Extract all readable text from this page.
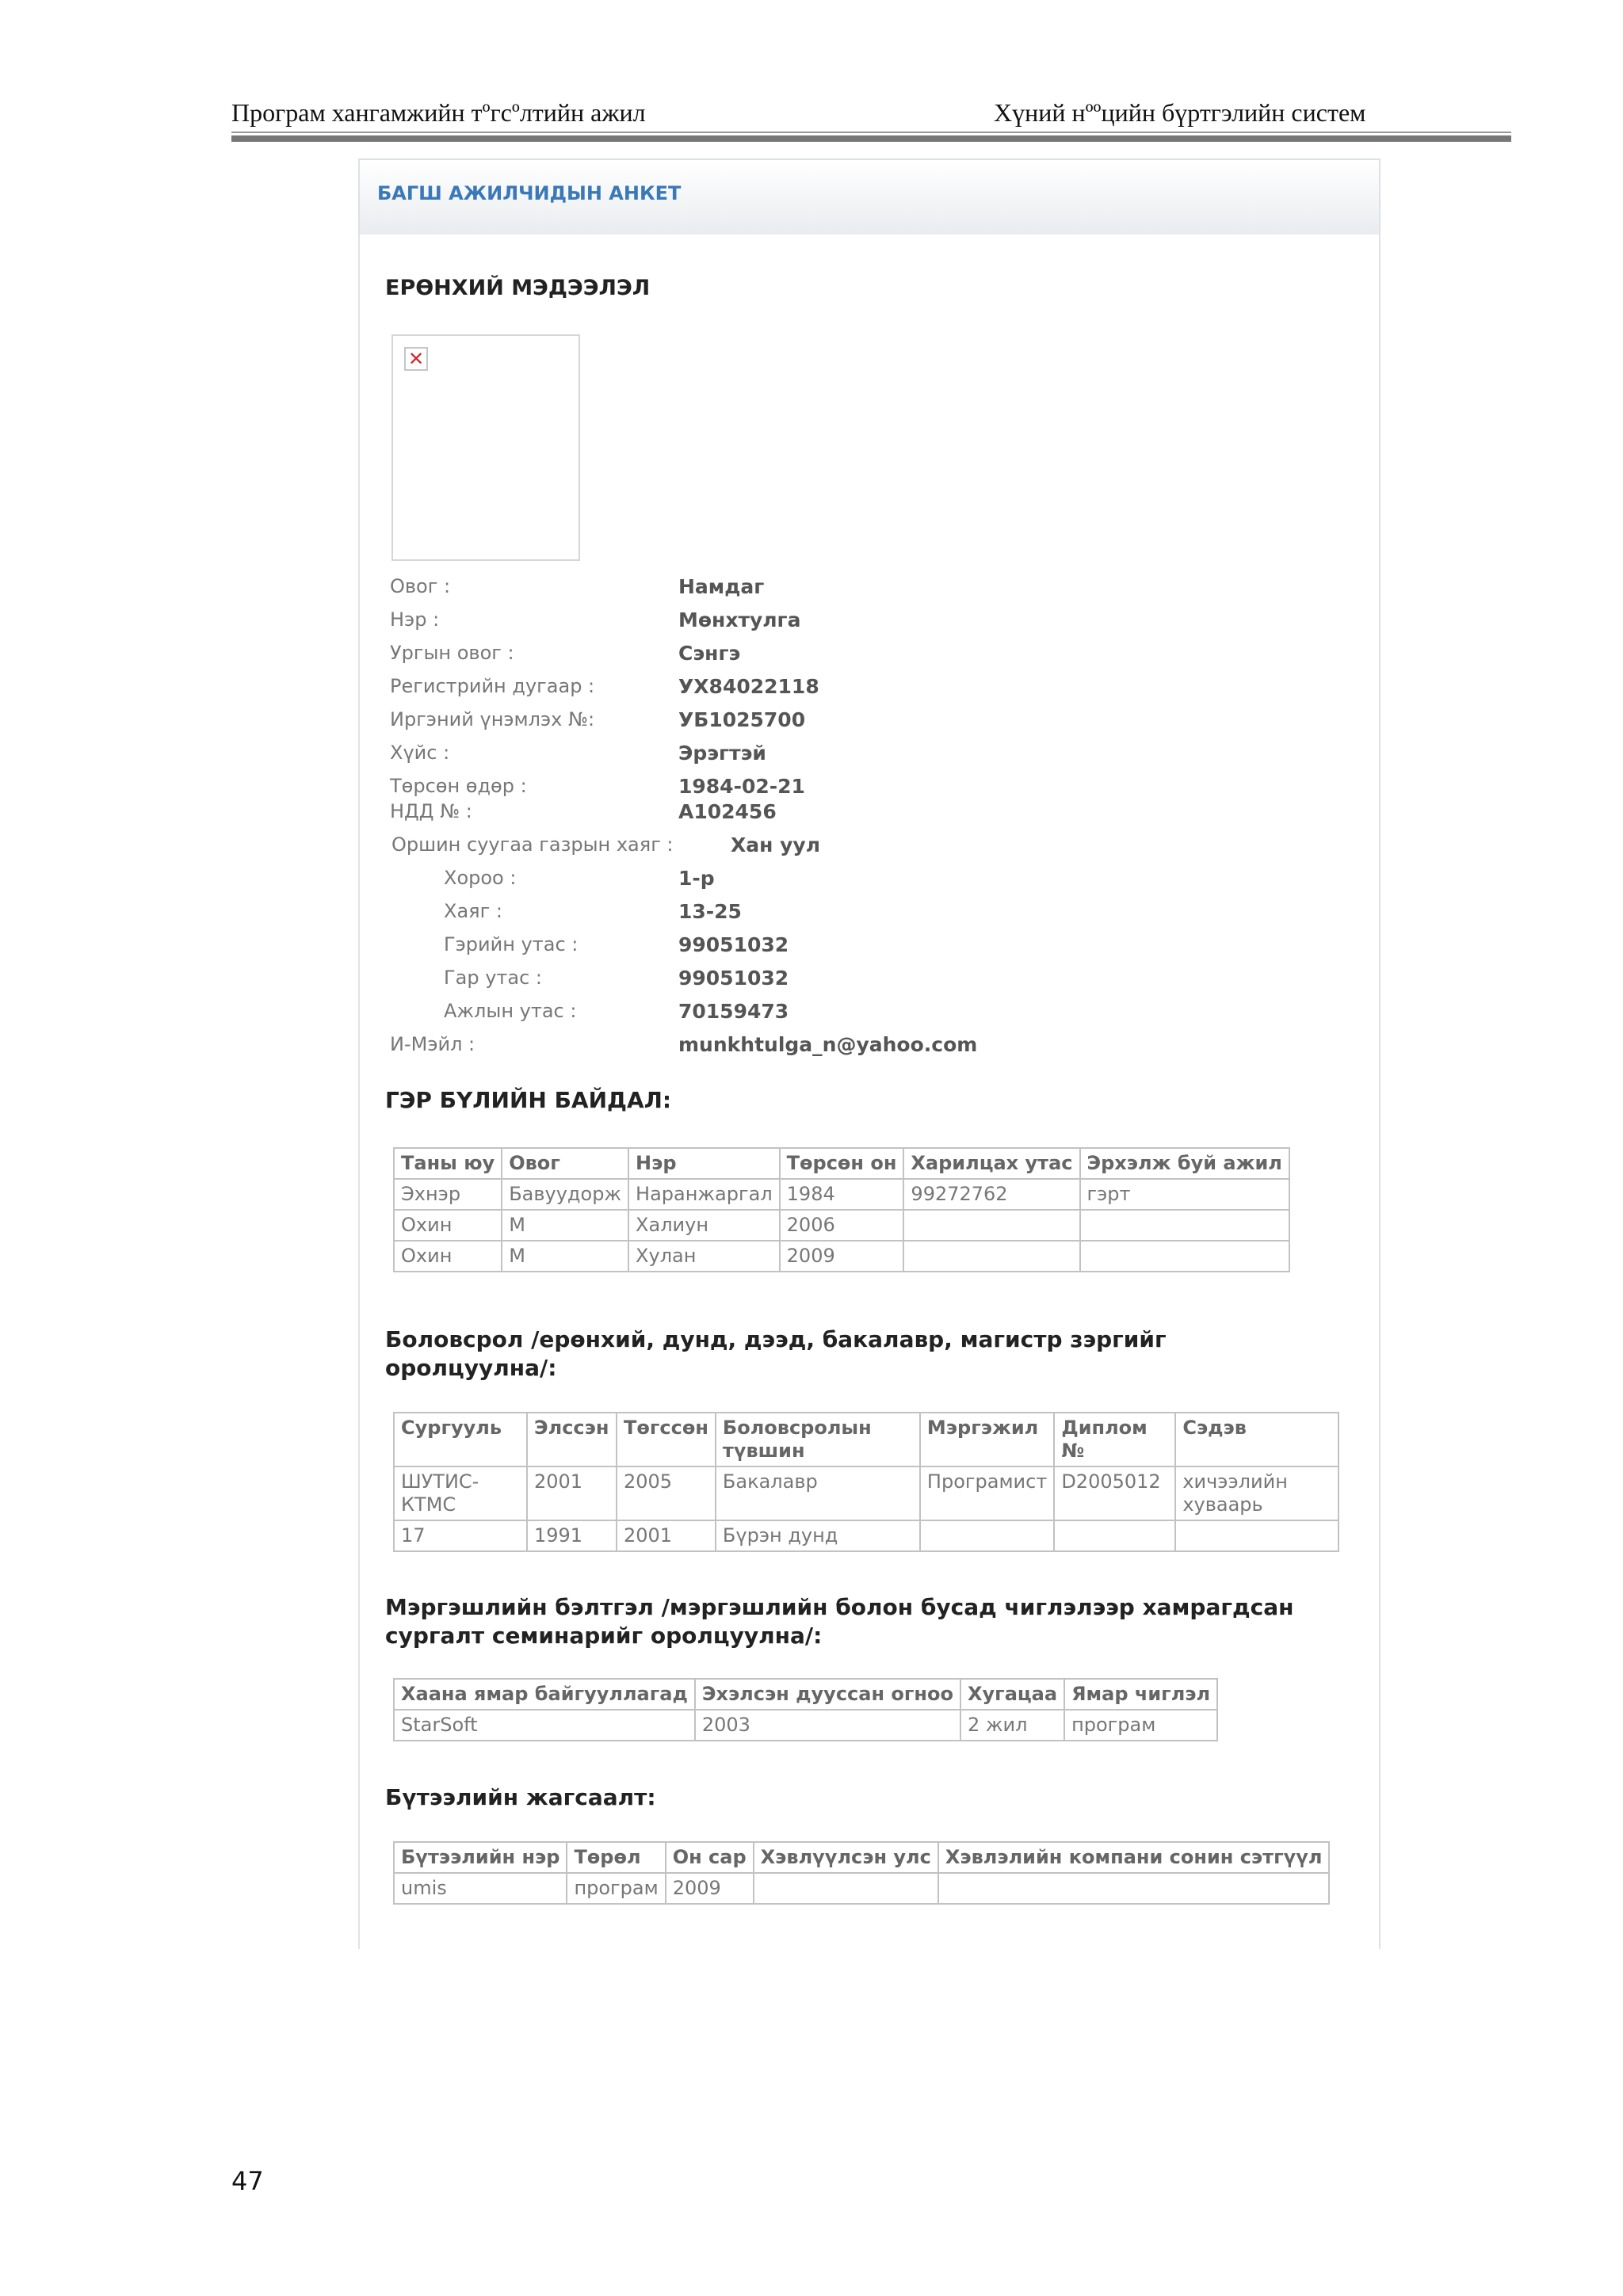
Програм хангамжийн тºгсºлтийн ажил	Хүний нººцийн бүртгэлийн систем
БАГШ АЖИЛЧИДЫН АНКЕТ
ЕРӨНХИЙ МЭДЭЭЛЭЛ
✕
Овог :	Намдаг
Нэр :	Мөнхтулга
Ургын овог :	Сэнгэ
Регистрийн дугаар :	УХ84022118
Иргэний үнэмлэх №:	УБ1025700
Хүйс :	Эрэгтэй
Төрсөн өдөр :	1984-02-21
НДД № :	А102456
Оршин суугаа газрын хаяг :	Хан уул
Хороо :	1-р
Хаяг :	13-25
Гэрийн утас :	99051032
Гар утас :	99051032
Ажлын утас :	70159473
И-Мэйл :	munkhtulga_n@yahoo.com
ГЭР БҮЛИЙН БАЙДАЛ:
Таны юу	Овог	Нэр	Төрсөн он	Харилцах утас	Эрхэлж буй ажил
Эхнэр	Бавуудорж	Наранжаргал	1984	99272762	гэрт
Охин	М	Халиун	2006		
Охин	М	Хулан	2009		
Боловсрол /ерөнхий, дунд, дээд, бакалавр, магистр зэргийг
оролцуулна/:
Сургууль	Элссэн	Төгссөн	Боловсролын түвшин	Мэргэжил	Диплом №	Сэдэв
ШУТИС-КТМС	2001	2005	Бакалавр	Програмист	D2005012	хичээлийн хуваарь
17	1991	2001	Бүрэн дунд			
Мэргэшлийн бэлтгэл /мэргэшлийн болон бусад чиглэлээр хамрагдсан
сургалт семинарийг оролцуулна/:
Хаана ямар байгууллагад	Эхэлсэн дууссан огноо	Хугацаа	Ямар чиглэл
StarSoft	2003	2 жил	програм
Бүтээлийн жагсаалт:
Бүтээлийн нэр	Төрөл	Он сар	Хэвлүүлсэн улс	Хэвлэлийн компани сонин сэтгүүл
umis	програм	2009		
47
